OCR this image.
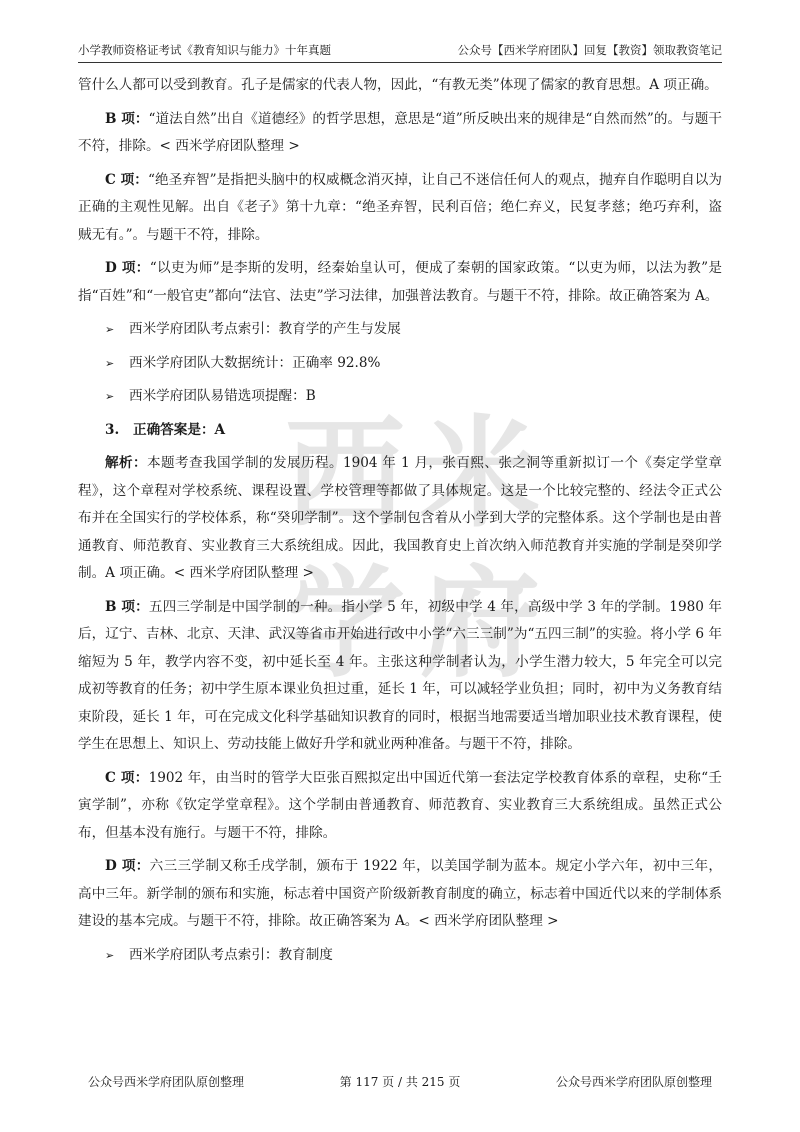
小学教师资格证考试《教育知识与能力》十年真题	公众号【西米学府团队】回复【教资】领取教资笔记
西 米
学 府

管什么人都可以受到教育。孔子是儒家的代表人物，因此，“有教无类”体现了儒家的教育思想。A 项正确。

B 项：“道法自然”出自《道德经》的哲学思想，意思是“道”所反映出来的规律是“自然而然”的。与题干不符，排除。< 西米学府团队整理 >

C 项：“绝圣弃智”是指把头脑中的权威概念消灭掉，让自己不迷信任何人的观点，抛弃自作聪明自以为正确的主观性见解。出自《老子》第十九章：“绝圣弃智，民利百倍；绝仁弃义，民复孝慈；绝巧弃利，盗贼无有。”。与题干不符，排除。

D 项：“以吏为师”是李斯的发明，经秦始皇认可，便成了秦朝的国家政策。“以吏为师，以法为教”是指“百姓”和“一般官吏”都向“法官、法吏”学习法律，加强普法教育。与题干不符，排除。故正确答案为 A。

➢ 西米学府团队考点索引：教育学的产生与发展
➢ 西米学府团队大数据统计：正确率 92.8%
➢ 西米学府团队易错选项提醒：B
3. 正确答案是：A

解析：本题考查我国学制的发展历程。1904 年 1 月，张百熙、张之洞等重新拟订一个《奏定学堂章程》，这个章程对学校系统、课程设置、学校管理等都做了具体规定。这是一个比较完整的、经法令正式公布并在全国实行的学校体系，称“癸卯学制”。这个学制包含着从小学到大学的完整体系。这个学制也是由普通教育、师范教育、实业教育三大系统组成。因此，我国教育史上首次纳入师范教育并实施的学制是癸卯学制。A 项正确。< 西米学府团队整理 >

B 项：五四三学制是中国学制的一种。指小学 5 年，初级中学 4 年，高级中学 3 年的学制。1980 年后，辽宁、吉林、北京、天津、武汉等省市开始进行改中小学“六三三制”为“五四三制”的实验。将小学 6 年缩短为 5 年，教学内容不变，初中延长至 4 年。主张这种学制者认为，小学生潜力较大，5 年完全可以完成初等教育的任务；初中学生原本课业负担过重，延长 1 年，可以减轻学业负担；同时，初中为义务教育结束阶段，延长 1 年，可在完成文化科学基础知识教育的同时，根据当地需要适当增加职业技术教育课程，使学生在思想上、知识上、劳动技能上做好升学和就业两种准备。与题干不符，排除。

C 项：1902 年，由当时的管学大臣张百熙拟定出中国近代第一套法定学校教育体系的章程，史称“壬寅学制”，亦称《钦定学堂章程》。这个学制由普通教育、师范教育、实业教育三大系统组成。虽然正式公布，但基本没有施行。与题干不符，排除。

D 项：六三三学制又称壬戌学制，颁布于 1922 年，以美国学制为蓝本。规定小学六年，初中三年，高中三年。新学制的颁布和实施，标志着中国资产阶级新教育制度的确立，标志着中国近代以来的学制体系建设的基本完成。与题干不符，排除。故正确答案为 A。< 西米学府团队整理 >

➢ 西米学府团队考点索引：教育制度
公众号西米学府团队原创整理	第 117 页 / 共 215 页	公众号西米学府团队原创整理
